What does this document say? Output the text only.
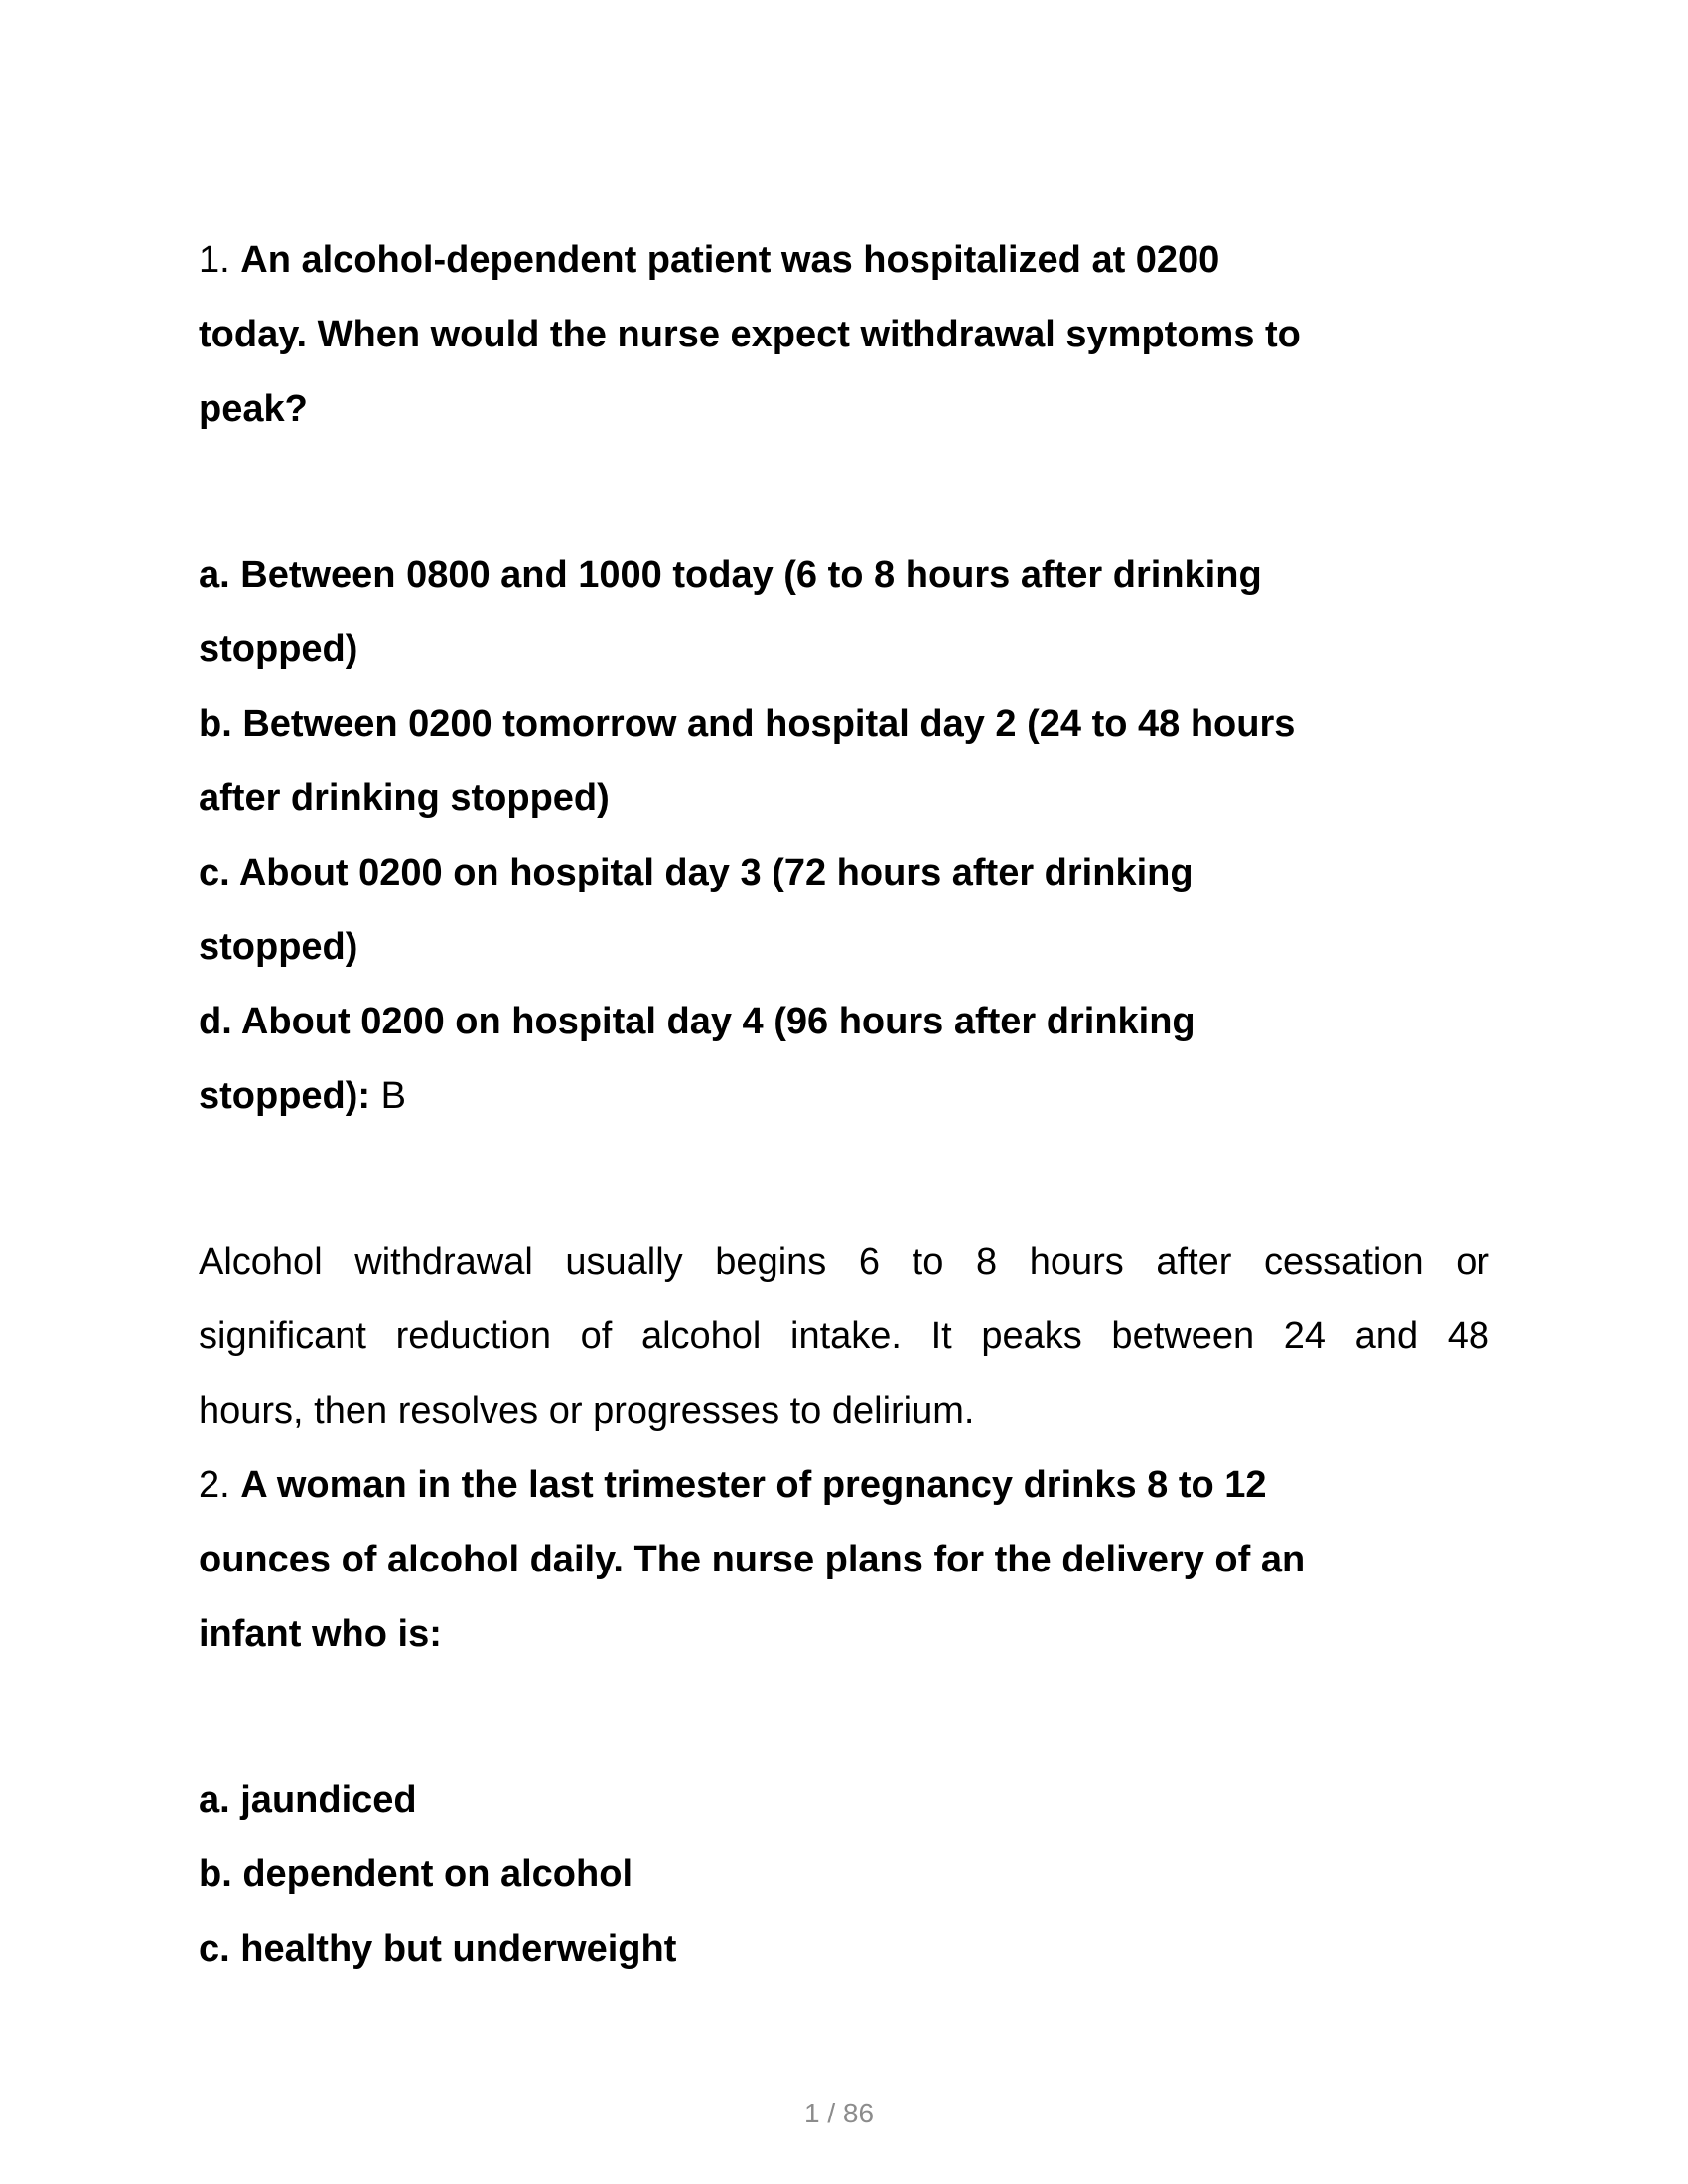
1. An alcohol-dependent patient was hospitalized at 0200
today. When would the nurse expect withdrawal symptoms to
peak?
a. Between 0800 and 1000 today (6 to 8 hours after drinking
stopped)
b. Between 0200 tomorrow and hospital day 2 (24 to 48 hours
after drinking stopped)
c. About 0200 on hospital day 3 (72 hours after drinking
stopped)
d. About 0200 on hospital day 4 (96 hours after drinking
stopped): B
Alcohol withdrawal usually begins 6 to 8 hours after cessation or
significant reduction of alcohol intake. It peaks between 24 and 48
hours, then resolves or progresses to delirium.
2. A woman in the last trimester of pregnancy drinks 8 to 12
ounces of alcohol daily. The nurse plans for the delivery of an
infant who is:
a. jaundiced
b. dependent on alcohol
c. healthy but underweight
1 / 86
